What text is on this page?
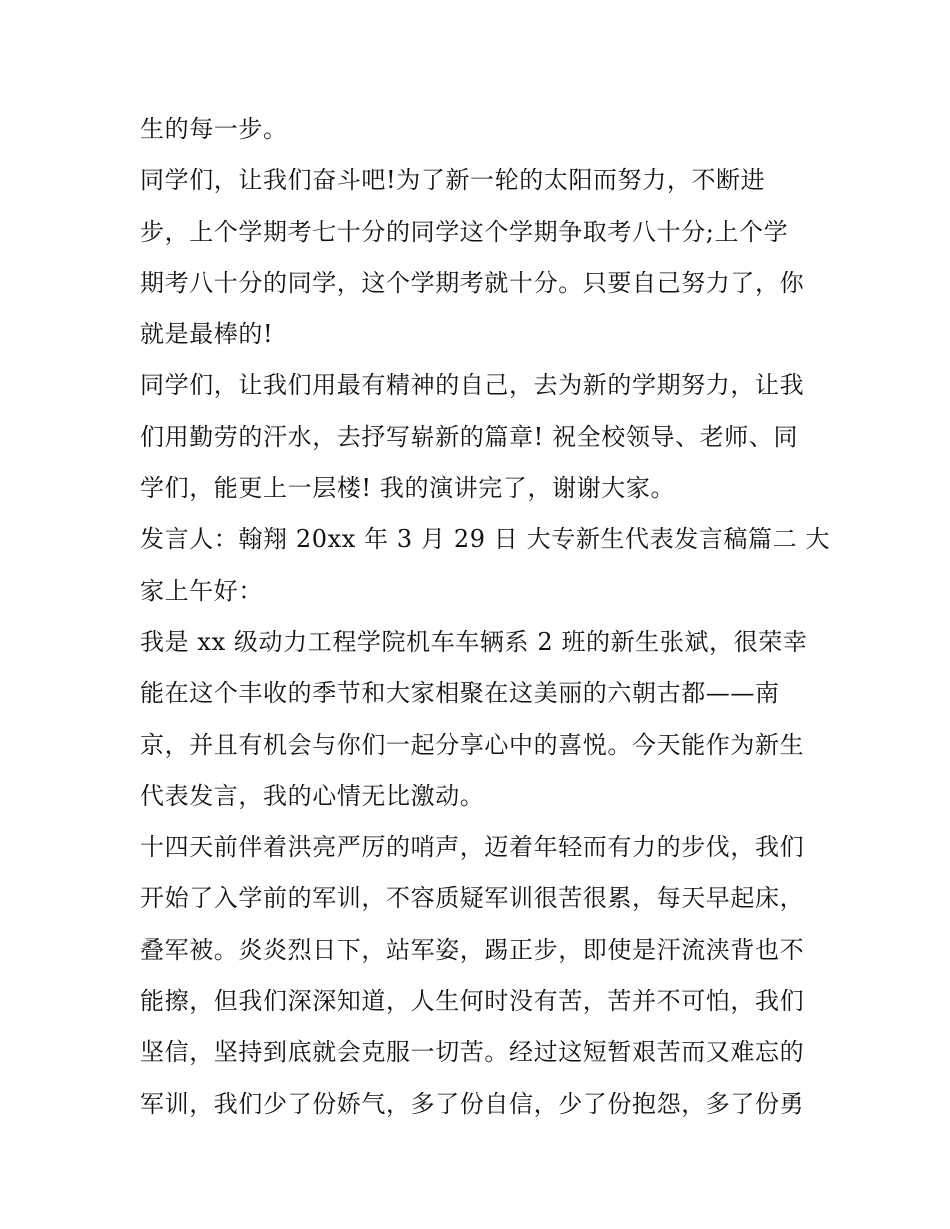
生的每一步。
同学们，让我们奋斗吧!为了新一轮的太阳而努力，不断进
步，上个学期考七十分的同学这个学期争取考八十分;上个学
期考八十分的同学，这个学期考就十分。只要自己努力了，你
就是最棒的!
同学们，让我们用最有精神的自己，去为新的学期努力，让我
们用勤劳的汗水，去抒写崭新的篇章! 祝全校领导、老师、同
学们，能更上一层楼! 我的演讲完了，谢谢大家。
发言人：翰翔 20xx 年 3 月 29 日 大专新生代表发言稿篇二 大
家上午好：
我是 xx 级动力工程学院机车车辆系 2 班的新生张斌，很荣幸
能在这个丰收的季节和大家相聚在这美丽的六朝古都——南
京，并且有机会与你们一起分享心中的喜悦。今天能作为新生
代表发言，我的心情无比激动。
十四天前伴着洪亮严厉的哨声，迈着年轻而有力的步伐，我们
开始了入学前的军训，不容质疑军训很苦很累，每天早起床，
叠军被。炎炎烈日下，站军姿，踢正步，即使是汗流浃背也不
能擦，但我们深深知道，人生何时没有苦，苦并不可怕，我们
坚信，坚持到底就会克服一切苦。经过这短暂艰苦而又难忘的
军训，我们少了份娇气，多了份自信，少了份抱怨，多了份勇
